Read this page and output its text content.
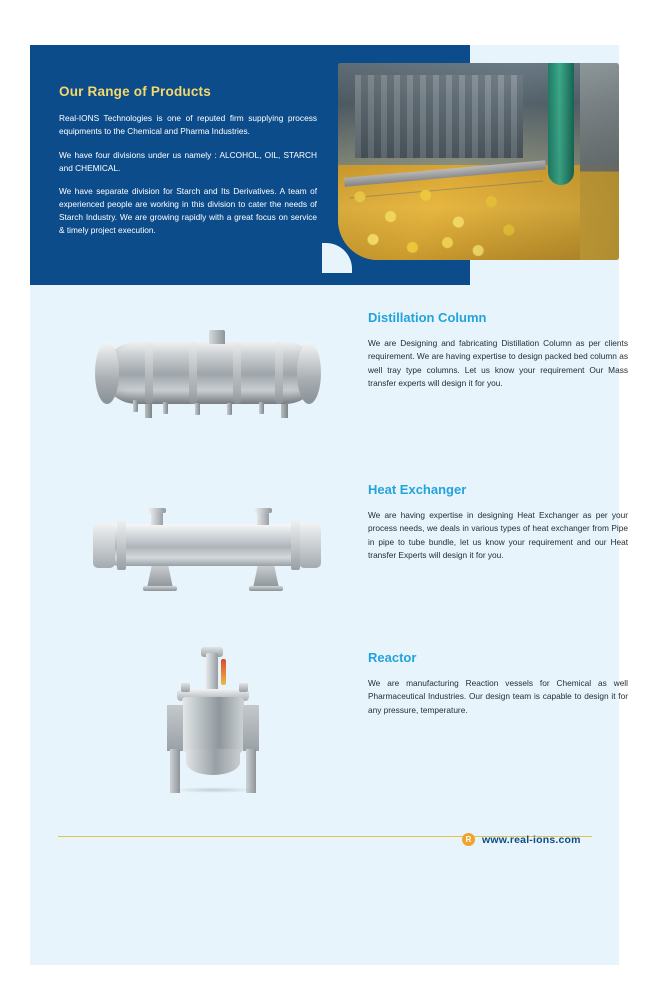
Our Range of Products
Real-IONS Technologies is one of reputed firm supplying process equipments to the Chemical and Pharma Industries.
We have four divisions under us namely : ALCOHOL, OIL, STARCH and CHEMICAL.
We have separate division for Starch and Its Derivatives. A team of experienced people are working in this division to cater the needs of Starch Industry. We are growing rapidly with a great focus on service & timely project execution.
Distillation Column
We are Designing and fabricating Distillation Column as per clients requirement. We are having expertise to design packed bed column as well tray type columns. Let us know your requirement Our Mass transfer experts will design it for you.
Heat Exchanger
We are having expertise in designing Heat Exchanger as per your process needs, we deals in various types of heat exchanger from Pipe in pipe to tube bundle, let us know your requirement and our Heat transfer Experts will design it for you.
Reactor
We are manufacturing Reaction vessels for Chemical as well Pharmaceutical Industries. Our design team is capable to design it for any pressure, temperature.
R	www.real-ions.com
